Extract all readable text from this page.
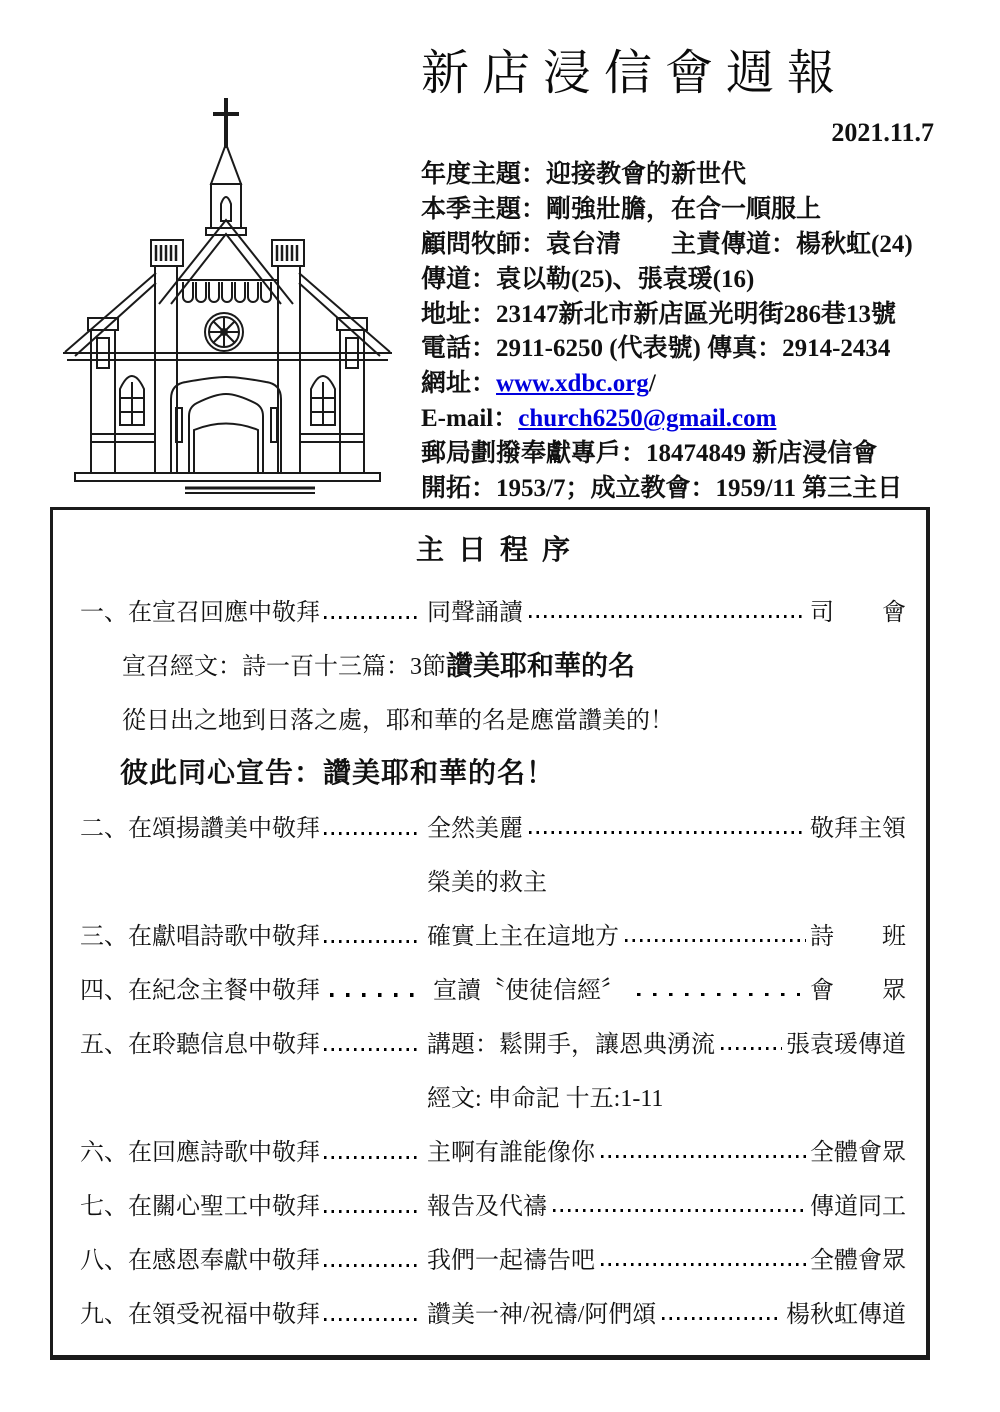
新店浸信會週報
2021.11.7
年度主題：迎接教會的新世代
本季主題：剛強壯膽，在合一順服上
顧問牧師：袁台清　　主責傳道：楊秋虹(24)
傳道：袁以勒(25)、張袁瑗(16)
地址：23147新北市新店區光明街286巷13號
電話：2911-6250 (代表號) 傳真：2914-2434
網址：www.xdbc.org/
E-mail：church6250@gmail.com
郵局劃撥奉獻專戶：18474849 新店浸信會
開拓：1953/7；成立教會：1959/11 第三主日
主日程序
一、在宣召回應中敬拜	同聲誦讀	司　　會
宣召經文：詩一百十三篇：3節 讚美耶和華的名
從日出之地到日落之處，耶和華的名是應當讚美的！
彼此同心宣告：讚美耶和華的名！
二、在頌揚讚美中敬拜	全然美麗	敬拜主領
榮美的救主
三、在獻唱詩歌中敬拜	確實上主在這地方	詩　　班
四、在紀念主餐中敬拜	宣讀〝使徒信經〞	會　　眾
五、在聆聽信息中敬拜	講題：鬆開手，讓恩典湧流	張袁瑗傳道
經文: 申命記 十五:1-11
六、在回應詩歌中敬拜	主啊有誰能像你	全體會眾
七、在關心聖工中敬拜	報告及代禱	傳道同工
八、在感恩奉獻中敬拜	我們一起禱告吧	全體會眾
九、在領受祝福中敬拜	讚美一神/祝禱/阿們頌	楊秋虹傳道
